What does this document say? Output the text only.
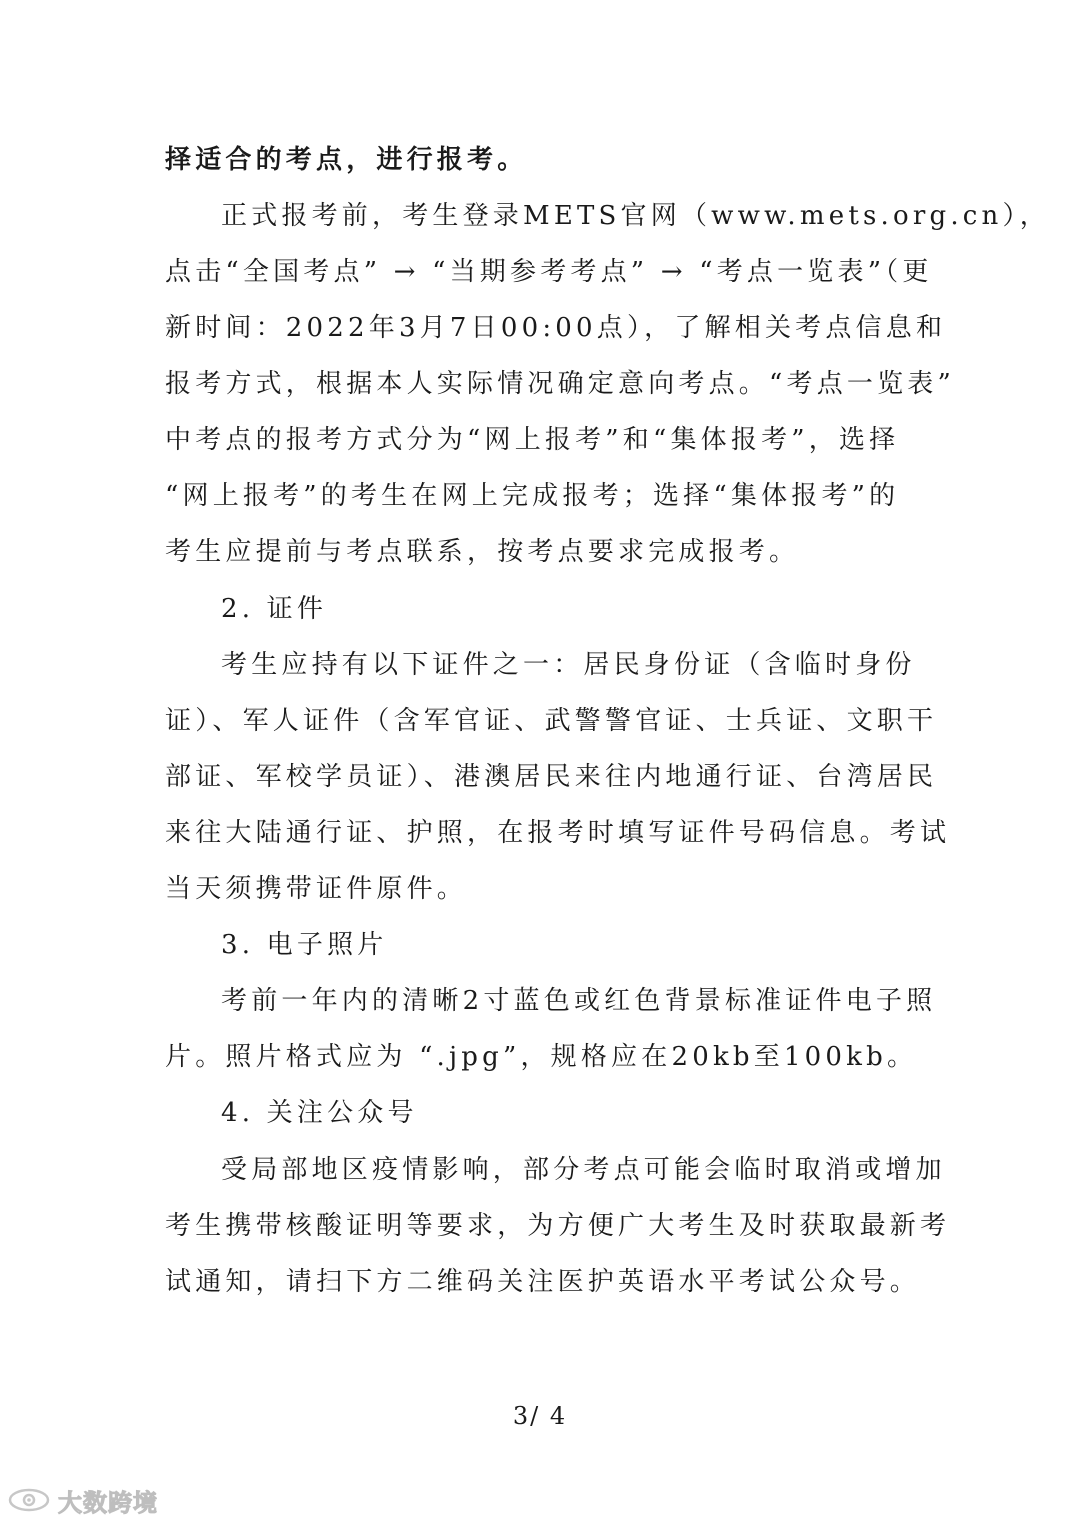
择适合的考点，进行报考。
正式报考前，考生登录METS官网（www.mets.org.cn），
点击“全国考点” → “当期参考考点” → “考点一览表”（更
新时间：2022年3月7日00:00点），了解相关考点信息和
报考方式，根据本人实际情况确定意向考点。“考点一览表”
中考点的报考方式分为“网上报考”和“集体报考”，选择
“网上报考”的考生在网上完成报考；选择“集体报考”的
考生应提前与考点联系，按考点要求完成报考。
2. 证件
考生应持有以下证件之一：居民身份证（含临时身份
证）、军人证件（含军官证、武警警官证、士兵证、文职干
部证、军校学员证）、港澳居民来往内地通行证、台湾居民
来往大陆通行证、护照，在报考时填写证件号码信息。考试
当天须携带证件原件。
3. 电子照片
考前一年内的清晰2寸蓝色或红色背景标准证件电子照
片。照片格式应为 “.jpg”，规格应在20kb至100kb。
4. 关注公众号
受局部地区疫情影响，部分考点可能会临时取消或增加
考生携带核酸证明等要求，为方便广大考生及时获取最新考
试通知，请扫下方二维码关注医护英语水平考试公众号。
3/ 4
大数跨境
